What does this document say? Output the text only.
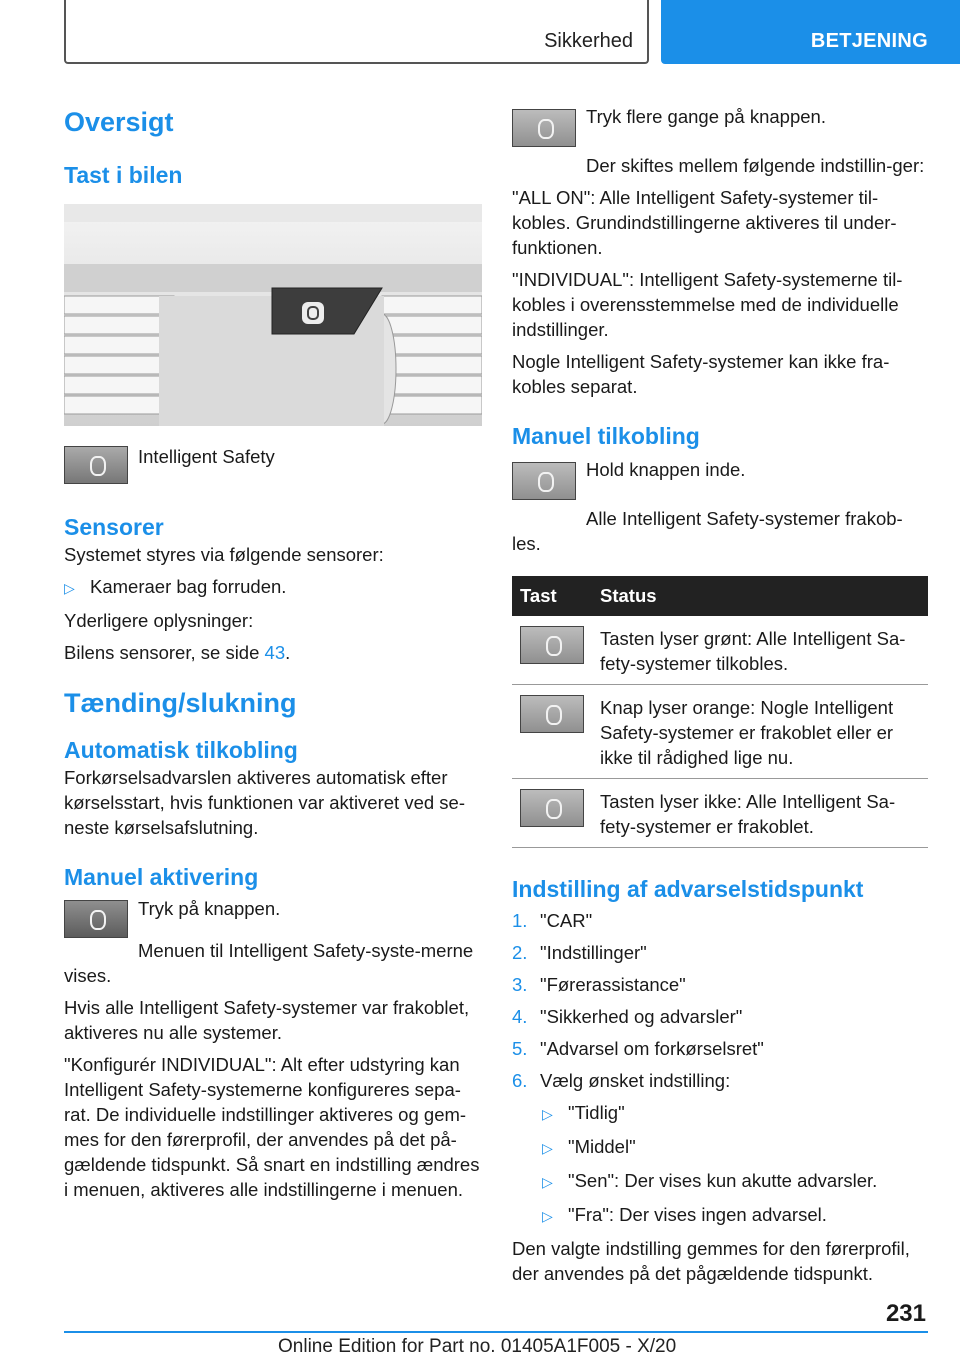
Sikkerhed	BETJENING
Oversigt
Tast i bilen
Intelligent Safety
Sensorer

Systemet styres via følgende sensorer:

▷ Kameraer bag forruden.

Yderligere oplysninger:

Bilens sensorer, se side 43.

Tænding/slukning
Automatisk tilkobling

Forkørselsadvarslen aktiveres automatisk efter kørselsstart, hvis funktionen var aktiveret ved se-neste kørselsafslutning.

Manuel aktivering

Tryk på knappen.

Menuen til Intelligent Safety-syste-merne vises.

Hvis alle Intelligent Safety-systemer var frakoblet, aktiveres nu alle systemer.

"Konfigurér INDIVIDUAL": Alt efter udstyring kan Intelligent Safety-systemerne konfigureres sepa-rat. De individuelle indstillinger aktiveres og gem-mes for den førerprofil, der anvendes på det på-gældende tidspunkt. Så snart en indstilling ændres i menuen, aktiveres alle indstillingerne i menuen.

Tryk flere gange på knappen.

Der skiftes mellem følgende indstillin-ger:

"ALL ON": Alle Intelligent Safety-systemer til-kobles. Grundindstillingerne aktiveres til under-funktionen.

"INDIVIDUAL": Intelligent Safety-systemerne til-kobles i overensstemmelse med de individuelle indstillinger.

Nogle Intelligent Safety-systemer kan ikke fra-kobles separat.

Manuel tilkobling

Hold knappen inde.

Alle Intelligent Safety-systemer frakob-les.

Tast	Status
	Tasten lyser grønt: Alle Intelligent Sa-fety-systemer tilkobles.
	Knap lyser orange: Nogle Intelligent Safety-systemer er frakoblet eller er ikke til rådighed lige nu.
	Tasten lyser ikke: Alle Intelligent Sa-fety-systemer er frakoblet.
Indstilling af advarselstidspunkt
1. "CAR"
2. "Indstillinger"
3. "Førerassistance"
4. "Sikkerhed og advarsler"
5. "Advarsel om forkørselsret"
6. Vælg ønsket indstilling:
▷ "Tidlig"
▷ "Middel"
▷ "Sen": Der vises kun akutte advarsler.
▷ "Fra": Der vises ingen advarsel.

Den valgte indstilling gemmes for den førerprofil, der anvendes på det pågældende tidspunkt.

231
Online Edition for Part no. 01405A1F005 - X/20
